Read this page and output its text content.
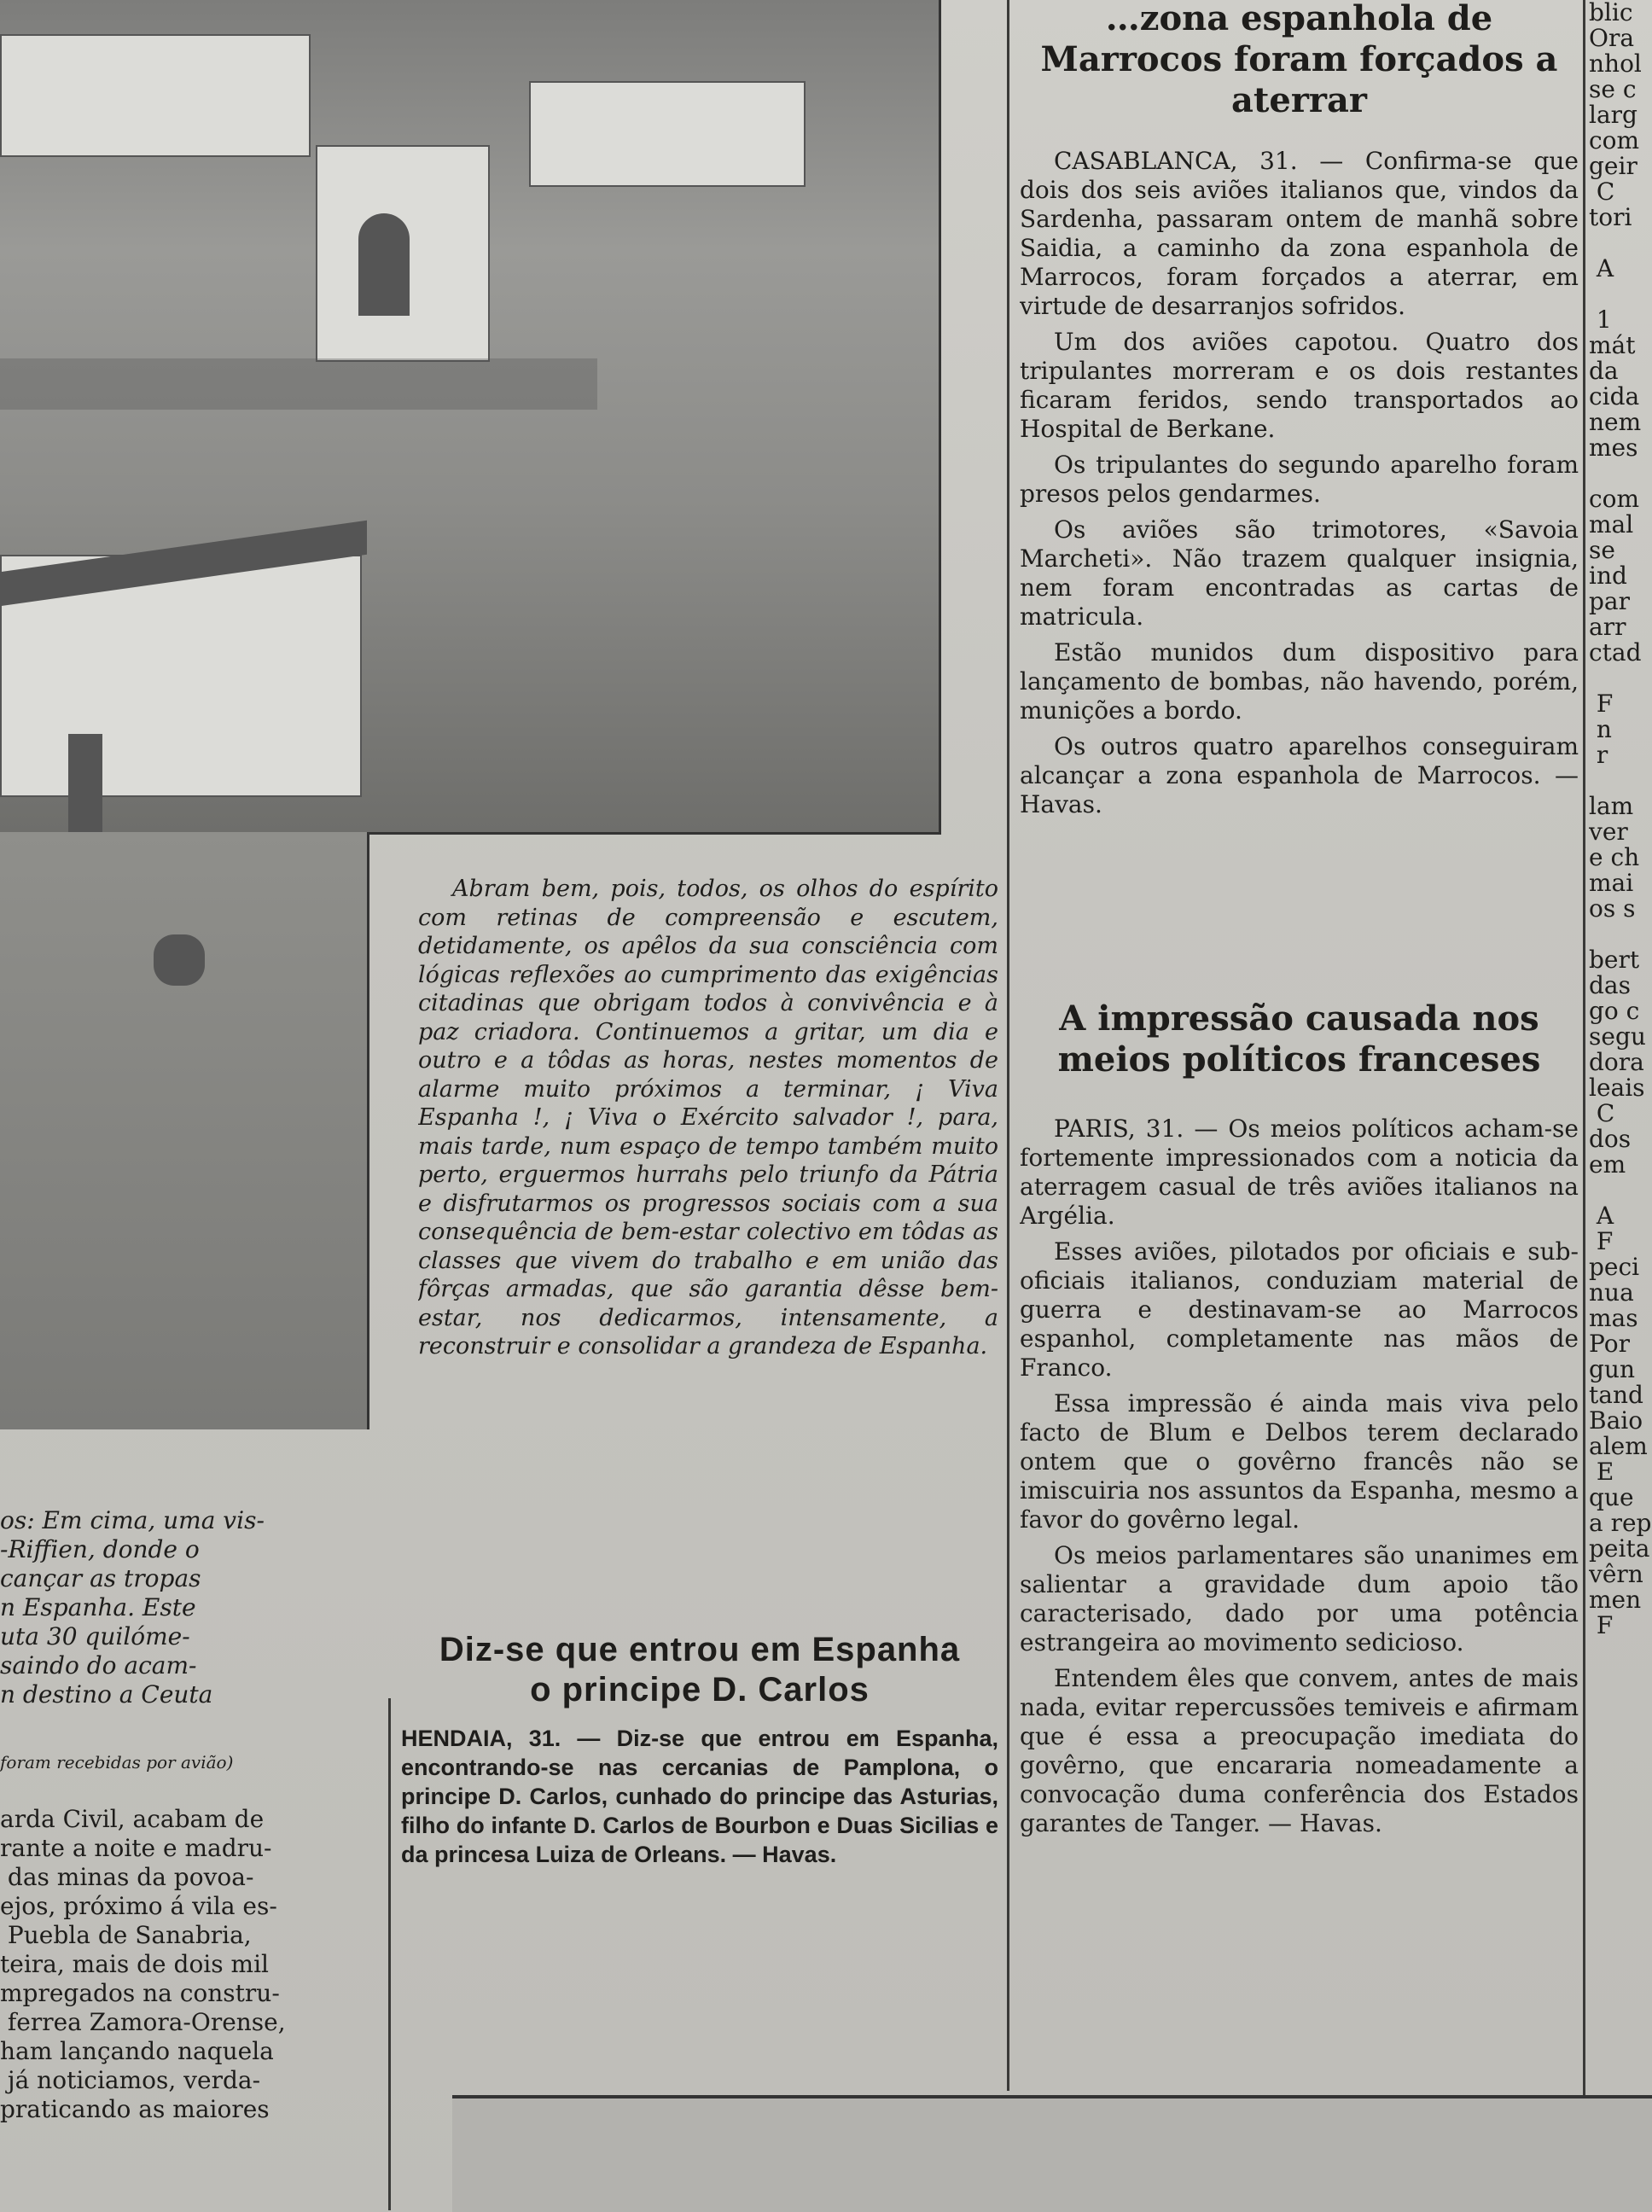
os: Em cima, uma vis-
-Riffien, donde o
cançar as tropas
n Espanha. Este
uta 30 quilóme-
saindo do acam-
n destino a Ceuta
foram recebidas por avião)
arda Civil, acabam de
rante a noite e madru-
das minas da povoa-
ejos, próximo á vila es-
Puebla de Sanabria,
teira, mais de dois mil
mpregados na constru-
ferrea Zamora-Orense,
ham lançando naquela
já noticiamos, verda-
praticando as maiores

Abram bem, pois, todos, os olhos do espírito com retinas de compreensão e escutem, detidamente, os apêlos da sua consciência com lógicas reflexões ao cumprimento das exigências citadinas que obrigam todos à convivência e à paz criadora. Continuemos a gritar, um dia e outro e a tôdas as horas, nestes momentos de alarme muito próximos a terminar, ¡ Viva Espanha !, ¡ Viva o Exército salvador !, para, mais tarde, num espaço de tempo também muito perto, erguermos hurrahs pelo triunfo da Pátria e disfrutarmos os progressos sociais com a sua consequência de bem-estar colectivo em tôdas as classes que vivem do trabalho e em união das fôrças armadas, que são garantia dêsse bem-estar, nos dedicarmos, intensamente, a reconstruir e consolidar a grandeza de Espanha.

Diz-se que entrou em Espanha o principe D. Carlos
HENDAIA, 31. — Diz-se que entrou em Espanha, encontrando-se nas cercanias de Pamplona, o principe D. Carlos, cunhado do principe das Asturias, filho do infante D. Carlos de Bourbon e Duas Sicilias e da princesa Luiza de Orleans. — Havas.
…zona espanhola de Marrocos foram forçados a aterrar

CASABLANCA, 31. — Confirma-se que dois dos seis aviões italianos que, vindos da Sardenha, passaram ontem de manhã sobre Saidia, a caminho da zona espanhola de Marrocos, foram forçados a aterrar, em virtude de desarranjos sofridos.

Um dos aviões capotou. Quatro dos tripulantes morreram e os dois restantes ficaram feridos, sendo transportados ao Hospital de Berkane.

Os tripulantes do segundo aparelho foram presos pelos gendarmes.

Os aviões são trimotores, «Savoia Marcheti». Não trazem qualquer insignia, nem foram encontradas as cartas de matricula.

Estão munidos dum dispositivo para lançamento de bombas, não havendo, porém, munições a bordo.

Os outros quatro aparelhos conseguiram alcançar a zona espanhola de Marrocos. — Havas.

A impressão causada nos meios políticos franceses

PARIS, 31. — Os meios políticos acham-se fortemente impressionados com a noticia da aterragem casual de três aviões italianos na Argélia.

Esses aviões, pilotados por oficiais e sub-oficiais italianos, conduziam material de guerra e destinavam-se ao Marrocos espanhol, completamente nas mãos de Franco.

Essa impressão é ainda mais viva pelo facto de Blum e Delbos terem declarado ontem que o govêrno francês não se imiscuiria nos assuntos da Espanha, mesmo a favor do govêrno legal.

Os meios parlamentares são unanimes em salientar a gravidade dum apoio tão caracterisado, dado por uma potência estrangeira ao movimento sedicioso.

Entendem êles que convem, antes de mais nada, evitar repercussões temiveis e afirmam que é essa a preocupação imediata do govêrno, que encararia nomeadamente a convocação duma conferência dos Estados garantes de Tanger. — Havas.

blic
Ora
nhol
se c
larg
com
geir
C
tori

A

1
mát
da
cida
nem
mes

com
mal
se
ind
par
arr
ctad

F
n
r

lam
ver
e ch
mai
os s

bert
das
go c
segu
dora
leais
C
dos
em

A
F
peci
nua
mas
Por
gun
tand
Baio
alem
E
que
a rep
peita
vêrn
men
F
